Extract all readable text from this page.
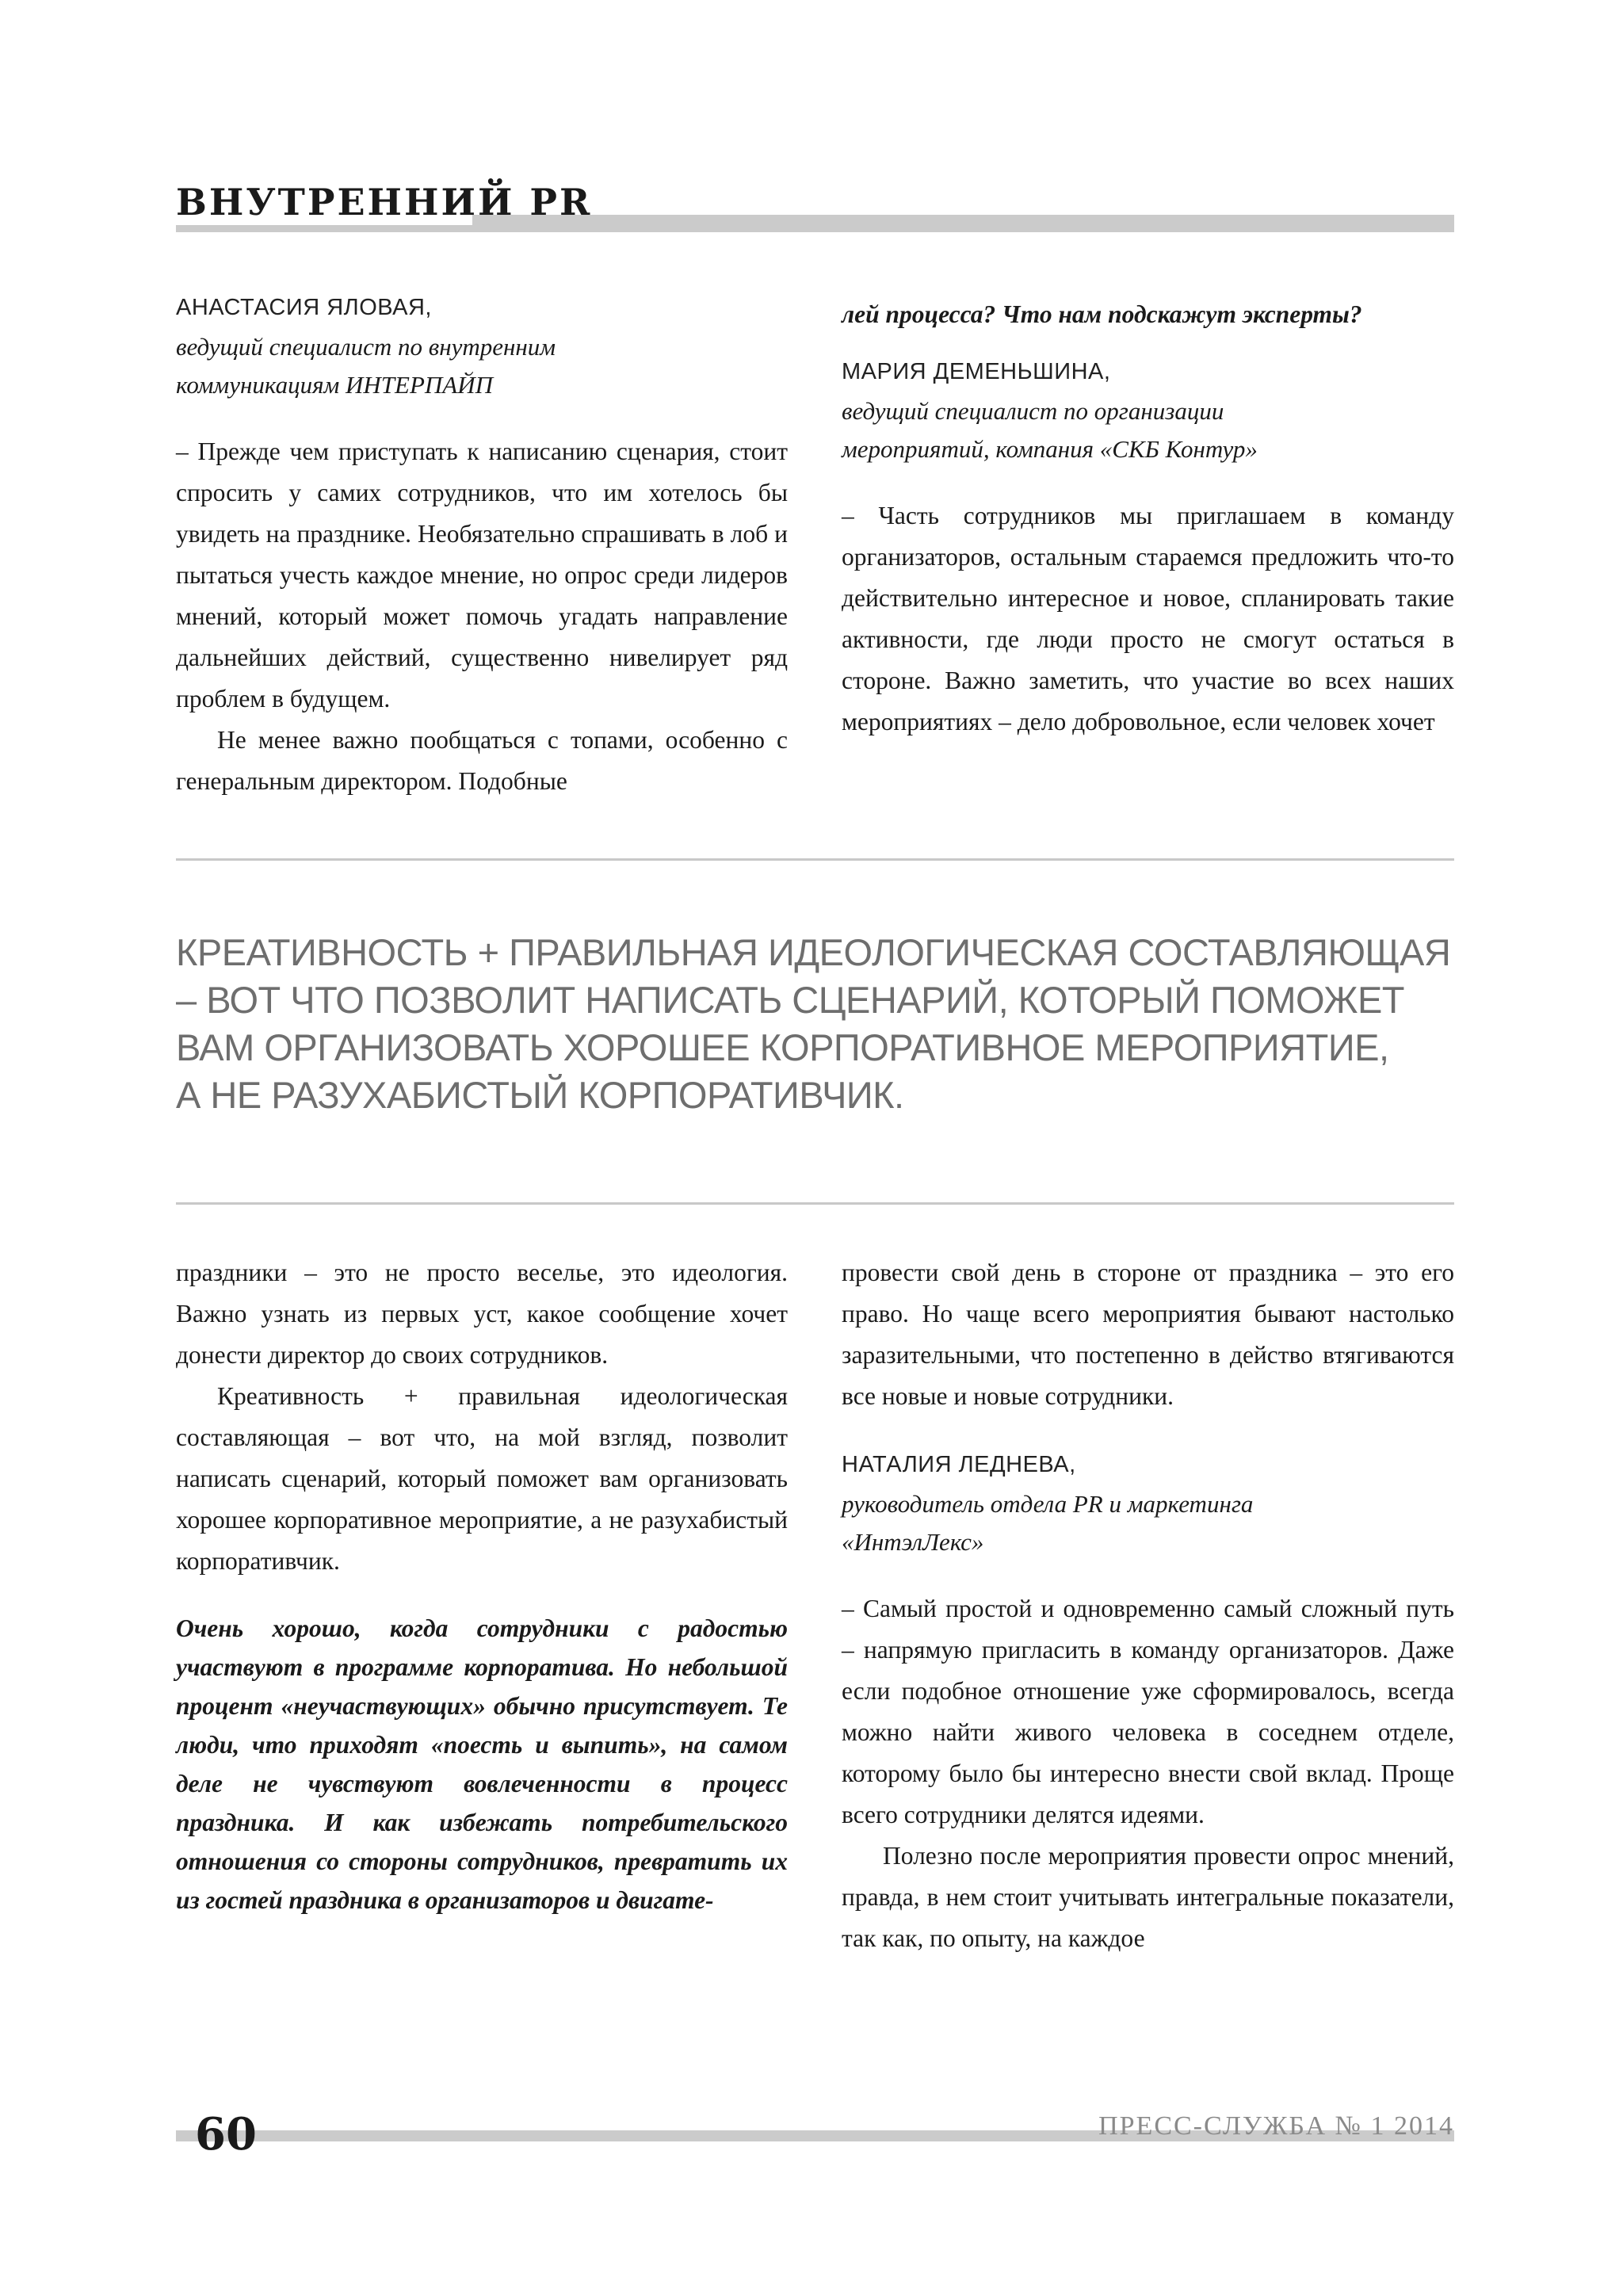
ВНУТРЕННИЙ PR
АНАСТАСИЯ ЯЛОВАЯ,
ведущий специалист по внутренним
коммуникациям ИНТЕРПАЙП

– Прежде чем приступать к написанию сценария, стоит спросить у самих сотрудников, что им хотелось бы увидеть на празднике. Необязательно спрашивать в лоб и пытаться учесть каждое мнение, но опрос среди лидеров мнений, который может помочь угадать направление дальнейших действий, существенно нивелирует ряд проблем в будущем.

Не менее важно пообщаться с топами, особенно с генеральным директором. Подобные

лей процесса? Что нам подскажут эксперты?

МАРИЯ ДЕМЕНЬШИНА,
ведущий специалист по организации
мероприятий, компания «СКБ Контур»

– Часть сотрудников мы приглашаем в команду организаторов, остальным стараемся предложить что-то действительно интересное и новое, спланировать такие активности, где люди просто не смогут остаться в стороне. Важно заметить, что участие во всех наших мероприятиях – дело добровольное, если человек хочет

КРЕАТИВНОСТЬ + ПРАВИЛЬНАЯ ИДЕОЛОГИЧЕСКАЯ СОСТАВЛЯЮЩАЯ
– ВОТ ЧТО ПОЗВОЛИТ НАПИСАТЬ СЦЕНАРИЙ, КОТОРЫЙ ПОМОЖЕТ
ВАМ ОРГАНИЗОВАТЬ ХОРОШЕЕ КОРПОРАТИВНОЕ МЕРОПРИЯТИЕ,
А НЕ РАЗУХАБИСТЫЙ КОРПОРАТИВЧИК.

праздники – это не просто веселье, это идеология. Важно узнать из первых уст, какое сообщение хочет донести директор до своих сотрудников.

Креативность + правильная идеологическая составляющая – вот что, на мой взгляд, позволит написать сценарий, который поможет вам организовать хорошее корпоративное мероприятие, а не разухабистый корпоративчик.

Очень хорошо, когда сотрудники с радостью участвуют в программе корпоратива. Но небольшой процент «неучаствующих» обычно присутствует. Те люди, что приходят «поесть и выпить», на самом деле не чувствуют вовлеченности в процесс праздника. И как избежать потребительского отношения со стороны сотрудников, превратить их из гостей праздника в организаторов и двигате-

провести свой день в стороне от праздника – это его право. Но чаще всего мероприятия бывают настолько заразительными, что постепенно в действо втягиваются все новые и новые сотрудники.

НАТАЛИЯ ЛЕДНЕВА,
руководитель отдела PR и маркетинга
«ИнтэлЛекс»

– Самый простой и одновременно самый сложный путь – напрямую пригласить в команду организаторов. Даже если подобное отношение уже сформировалось, всегда можно найти живого человека в соседнем отделе, которому было бы интересно внести свой вклад. Проще всего сотрудники делятся идеями.

Полезно после мероприятия провести опрос мнений, правда, в нем стоит учитывать интегральные показатели, так как, по опыту, на каждое

60	ПРЕСС-СЛУЖБА № 1 2014
